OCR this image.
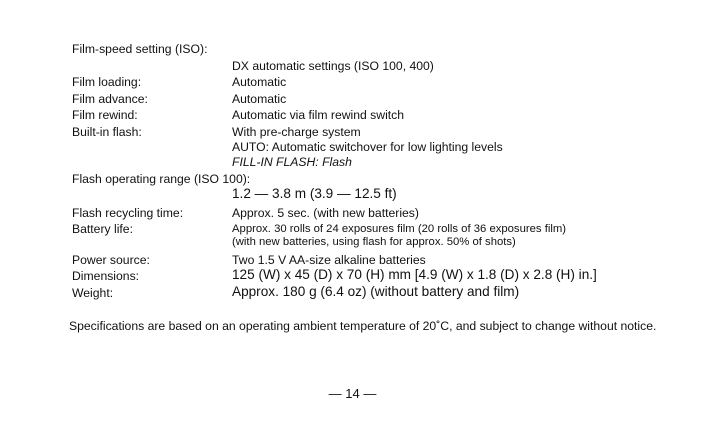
Film-speed setting (ISO):
DX automatic settings (ISO 100, 400)
Film loading:	Automatic
Film advance:	Automatic
Film rewind:	Automatic via film rewind switch
Built-in flash:	With pre-charge system
AUTO: Automatic switchover for low lighting levels
FILL-IN FLASH: Flash
Flash operating range (ISO 100):
1.2 — 3.8 m (3.9 — 12.5 ft)
Flash recycling time:	Approx. 5 sec. (with new batteries)
Battery life:	Approx. 30 rolls of 24 exposures film (20 rolls of 36 exposures film)
(with new batteries, using flash for approx. 50% of shots)
Power source:	Two 1.5 V AA-size alkaline batteries
Dimensions:	125 (W) x 45 (D) x 70 (H) mm [4.9 (W) x 1.8 (D) x 2.8 (H) in.]
Weight:	Approx. 180 g (6.4 oz) (without battery and film)
Specifications are based on an operating ambient temperature of 20˚C, and subject to change without notice.
— 14 —
